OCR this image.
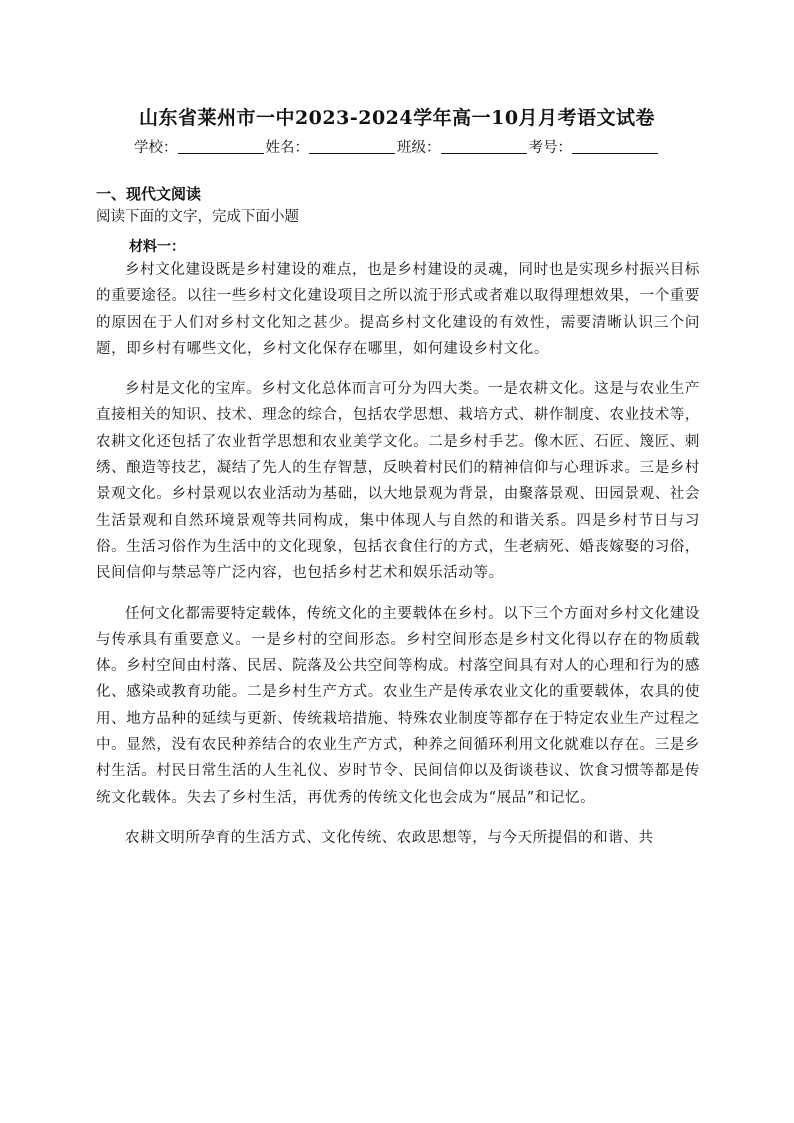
山东省莱州市一中2023-2024学年高一10月月考语文试卷
学校：	姓名：	班级：	考号：
一、现代文阅读
阅读下面的文字，完成下面小题
材料一：

乡村文化建设既是乡村建设的难点，也是乡村建设的灵魂，同时也是实现乡村振兴目标的重要途径。以往一些乡村文化建设项目之所以流于形式或者难以取得理想效果，一个重要的原因在于人们对乡村文化知之甚少。提高乡村文化建设的有效性，需要清晰认识三个问题，即乡村有哪些文化，乡村文化保存在哪里，如何建设乡村文化。

乡村是文化的宝库。乡村文化总体而言可分为四大类。一是农耕文化。这是与农业生产直接相关的知识、技术、理念的综合，包括农学思想、栽培方式、耕作制度、农业技术等，农耕文化还包括了农业哲学思想和农业美学文化。二是乡村手艺。像木匠、石匠、篾匠、刺绣、酿造等技艺，凝结了先人的生存智慧，反映着村民们的精神信仰与心理诉求。三是乡村景观文化。乡村景观以农业活动为基础，以大地景观为背景，由聚落景观、田园景观、社会生活景观和自然环境景观等共同构成，集中体现人与自然的和谐关系。四是乡村节日与习俗。生活习俗作为生活中的文化现象，包括衣食住行的方式，生老病死、婚丧嫁娶的习俗，民间信仰与禁忌等广泛内容，也包括乡村艺术和娱乐活动等。

任何文化都需要特定载体，传统文化的主要载体在乡村。以下三个方面对乡村文化建设与传承具有重要意义。一是乡村的空间形态。乡村空间形态是乡村文化得以存在的物质载体。乡村空间由村落、民居、院落及公共空间等构成。村落空间具有对人的心理和行为的感化、感染或教育功能。二是乡村生产方式。农业生产是传承农业文化的重要载体，农具的使用、地方品种的延续与更新、传统栽培措施、特殊农业制度等都存在于特定农业生产过程之中。显然，没有农民种养结合的农业生产方式，种养之间循环利用文化就难以存在。三是乡村生活。村民日常生活的人生礼仪、岁时节令、民间信仰以及街谈巷议、饮食习惯等都是传统文化载体。失去了乡村生活，再优秀的传统文化也会成为“展品”和记忆。

农耕文明所孕育的生活方式、文化传统、农政思想等，与今天所提倡的和谐、共
